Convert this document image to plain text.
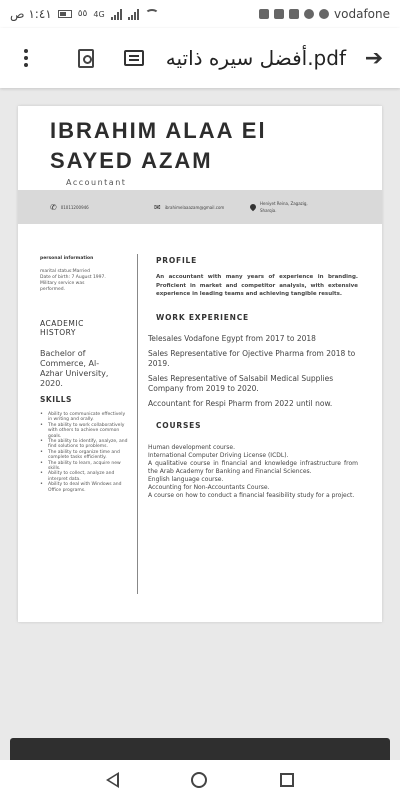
١:٤١ ص	٥٥ 4G	vodafone
أفضل سيره ذاتيه.pdf ➔
IBRAHIM ALAA El
SAYED AZAM
Accountant
✆ 01011200946	✉ ibrahimelaaazam@gmail.com
Heniyet Reina, Zagazig,
Sharqia.
personal information
marital status:Married
Date of birth: 7 August 1997.
Military service was
performed.
ACADEMIC
HISTORY
Bachelor of
Commerce, Al-
Azhar University,
2020.
SKILLS
• Ability to communicate effectively in writing and orally.
• The ability to work collaboratively with others to achieve common goals.
• The ability to identify, analyze, and find solutions to problems.
• The ability to organize time and complete tasks efficiently.
• The ability to learn, acquire new skills.
• Ability to collect, analyze and interpret data.
• Ability to deal with Windows and Office programs.
PROFILE
An accountant with many years of experience in branding. Proficient in market and competitor analysis, with extensive experience in leading teams and achieving tangible results.
WORK EXPERIENCE
Telesales Vodafone Egypt from 2017 to 2018
Sales Representative for Ojective Pharma from 2018 to 2019.
Sales Representative of Salsabil Medical Supplies Company from 2019 to 2020.
Accountant for Respi Pharm from 2022 until now.
COURSES
Human development course.
International Computer Driving License (ICDL).
A qualitative course in financial and knowledge infrastructure from the Arab Academy for Banking and Financial Sciences.
English language course.
Accounting for Non-Accountants Course.
A course on how to conduct a financial feasibility study for a project.
